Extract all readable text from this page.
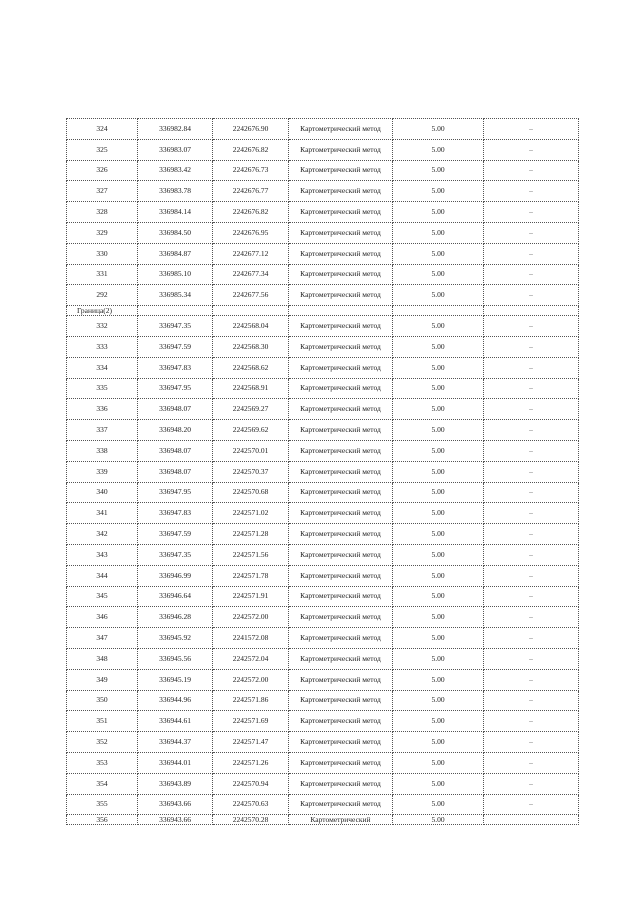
324	336982.84	2242676.90	Картометрический метод	5.00	–
325	336983.07	2242676.82	Картометрический метод	5.00	–
326	336983.42	2242676.73	Картометрический метод	5.00	–
327	336983.78	2242676.77	Картометрический метод	5.00	–
328	336984.14	2242676.82	Картометрический метод	5.00	–
329	336984.50	2242676.95	Картометрический метод	5.00	–
330	336984.87	2242677.12	Картометрический метод	5.00	–
331	336985.10	2242677.34	Картометрический метод	5.00	–
292	336985.34	2242677.56	Картометрический метод	5.00	–
Граница(2)					
332	336947.35	2242568.04	Картометрический метод	5.00	–
333	336947.59	2242568.30	Картометрический метод	5.00	–
334	336947.83	2242568.62	Картометрический метод	5.00	–
335	336947.95	2242568.91	Картометрический метод	5.00	–
336	336948.07	2242569.27	Картометрический метод	5.00	–
337	336948.20	2242569.62	Картометрический метод	5.00	–
338	336948.07	2242570.01	Картометрический метод	5.00	–
339	336948.07	2242570.37	Картометрический метод	5.00	–
340	336947.95	2242570.68	Картометрический метод	5.00	–
341	336947.83	2242571.02	Картометрический метод	5.00	–
342	336947.59	2242571.28	Картометрический метод	5.00	–
343	336947.35	2242571.56	Картометрический метод	5.00	–
344	336946.99	2242571.78	Картометрический метод	5.00	–
345	336946.64	2242571.91	Картометрический метод	5.00	–
346	336946.28	2242572.00	Картометрический метод	5.00	–
347	336945.92	2241572.08	Картометрический метод	5.00	–
348	336945.56	2242572.04	Картометрический метод	5.00	–
349	336945.19	2242572.00	Картометрический метод	5.00	–
350	336944.96	2242571.86	Картометрический метод	5.00	–
351	336944.61	2242571.69	Картометрический метод	5.00	–
352	336944.37	2242571.47	Картометрический метод	5.00	–
353	336944.01	2242571.26	Картометрический метод	5.00	–
354	336943.89	2242570.94	Картометрический метод	5.00	–
355	336943.66	2242570.63	Картометрический метод	5.00	–
356	336943.66	2242570.28	Картометрический	5.00	
